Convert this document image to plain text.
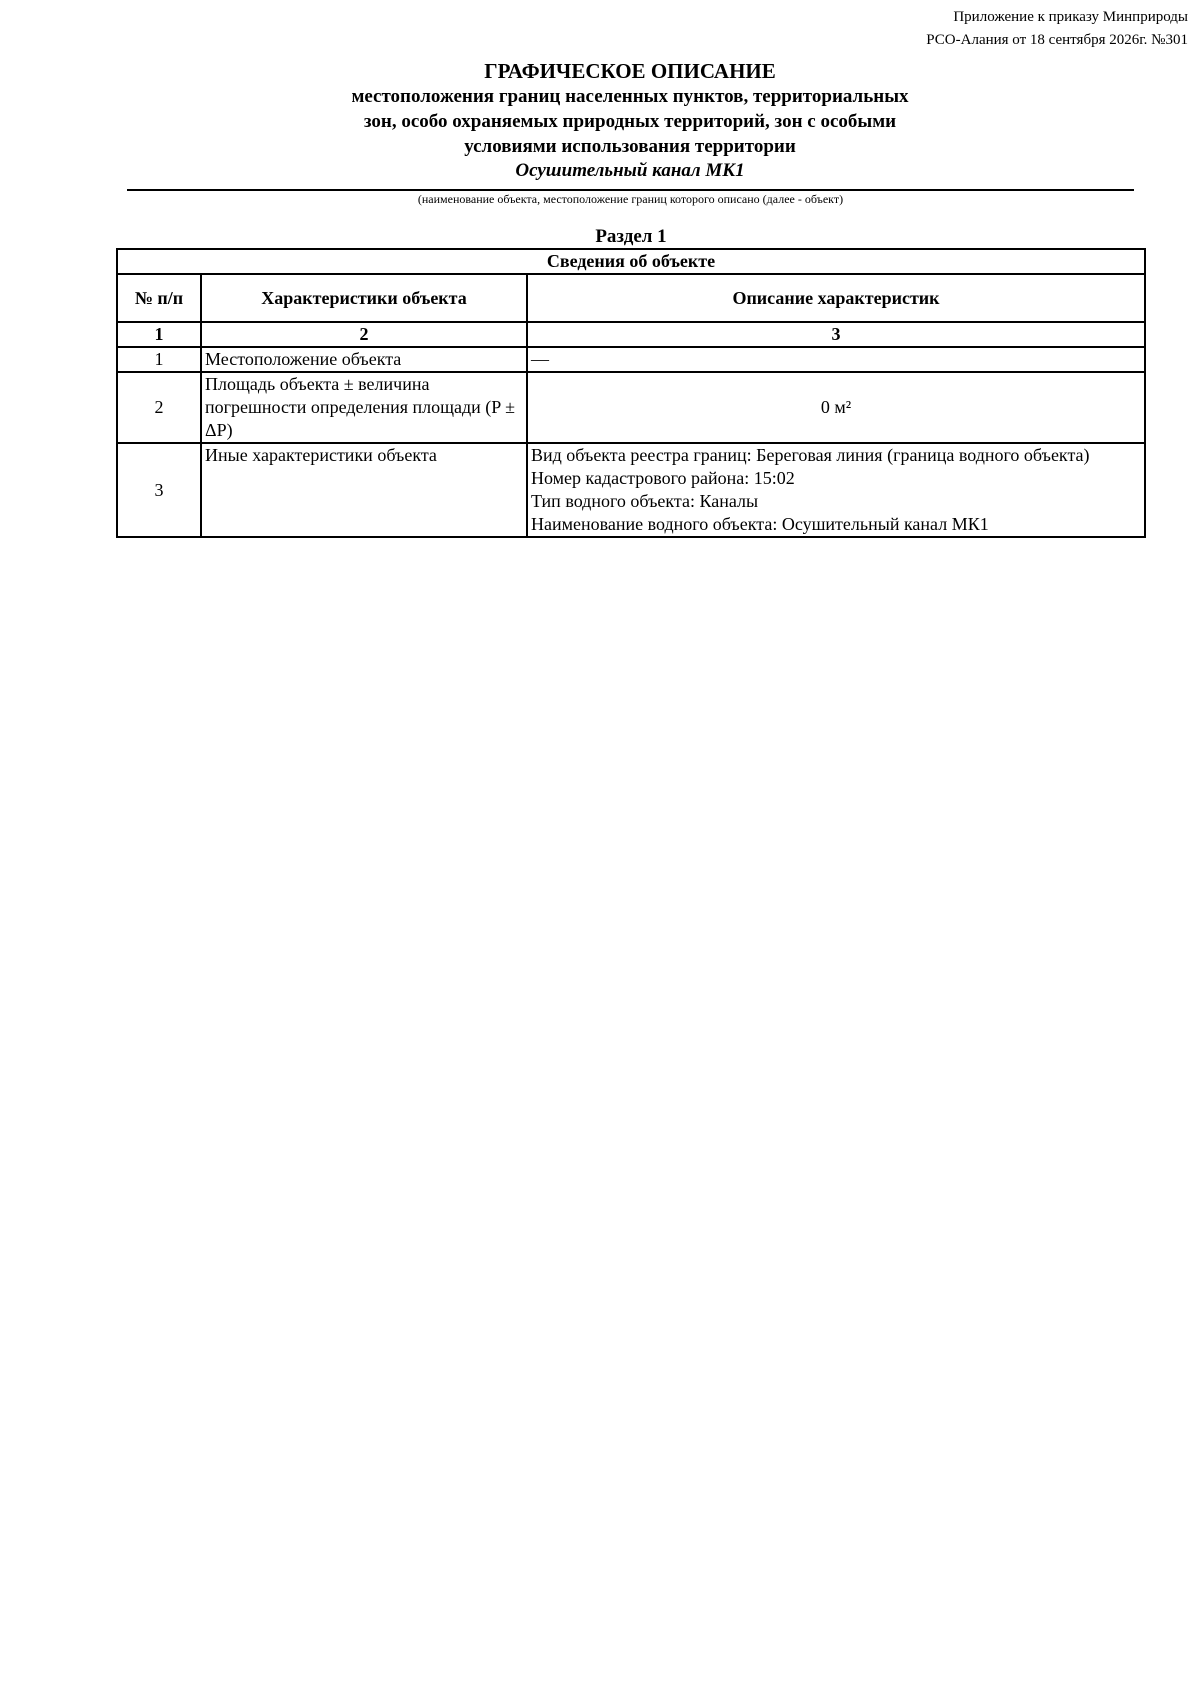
Приложение к приказу Минприроды
РСО-Алания от 18 сентября 2026г. №301
ГРАФИЧЕСКОЕ ОПИСАНИЕ
местоположения границ населенных пунктов, территориальных
зон, особо охраняемых природных территорий, зон с особыми
условиями использования территории
Осушительный канал МК1
(наименование объекта, местоположение границ которого описано (далее - объект)
Раздел 1
Сведения об объекте		
№ п/п	Характеристики объекта	Описание характеристик
1	2	3
1	Местоположение объекта	—
2	Площадь объекта ± величина погрешности определения площади (P ± ΔP)	0 м²
3	Иные характеристики объекта	Вид объекта реестра границ: Береговая линия (граница водного объекта)
Номер кадастрового района: 15:02
Тип водного объекта: Каналы
Наименование водного объекта: Осушительный канал МК1
